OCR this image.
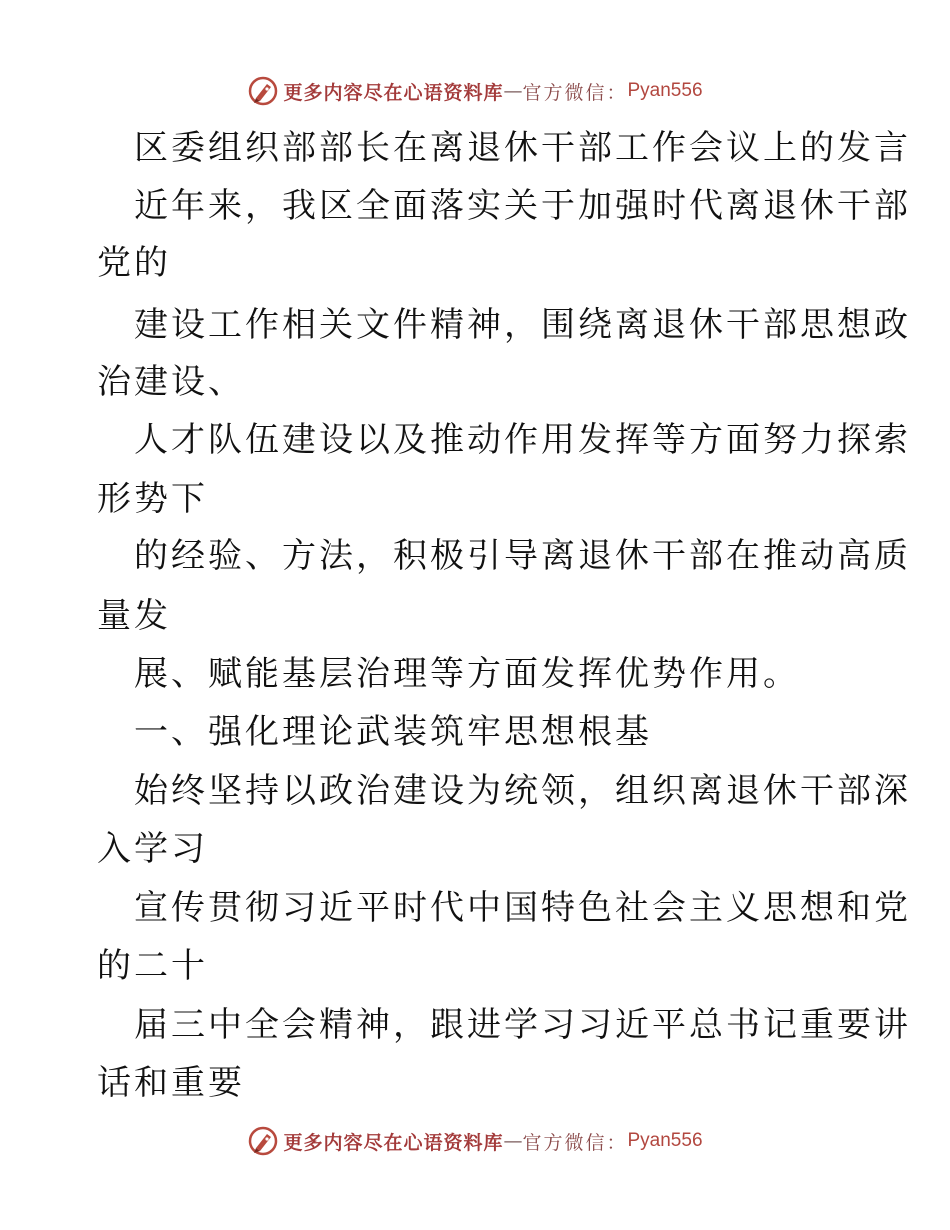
更多内容尽在心语资料库 — 官方微信： Pyan556
区委组织部部长在离退休干部工作会议上的发言
近年来，我区全面落实关于加强时代离退休干部
党的
建设工作相关文件精神，围绕离退休干部思想政
治建设、
人才队伍建设以及推动作用发挥等方面努力探索
形势下
的经验、方法，积极引导离退休干部在推动高质
量发
展、赋能基层治理等方面发挥优势作用。
一、强化理论武装筑牢思想根基
始终坚持以政治建设为统领，组织离退休干部深
入学习
宣传贯彻习近平时代中国特色社会主义思想和党
的二十
届三中全会精神，跟进学习习近平总书记重要讲
话和重要
更多内容尽在心语资料库 — 官方微信： Pyan556
